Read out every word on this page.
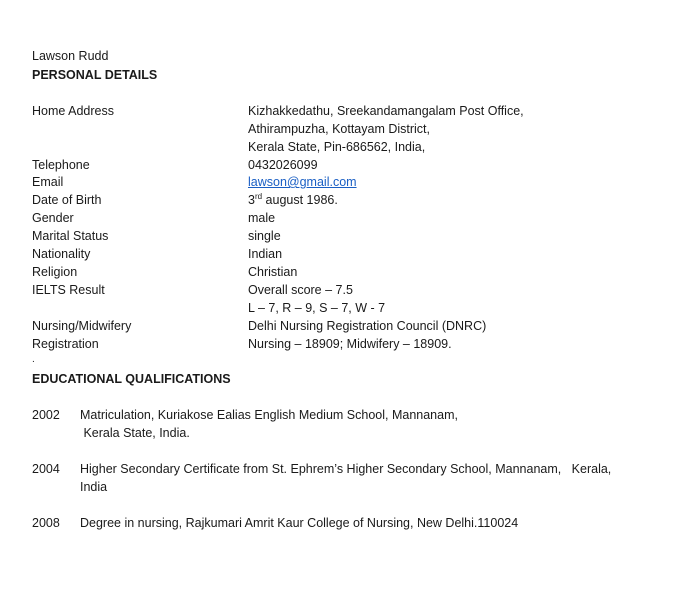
Lawson Rudd
PERSONAL DETAILS
Home Address	Kizhakkedathu, Sreekandamangalam Post Office,
Athirampuzha, Kottayam District,
Kerala State, Pin-686562, India,
Telephone	0432026099
Email	lawson@gmail.com
Date of Birth	3rd august 1986.
Gender	male
Marital Status	single
Nationality	Indian
Religion	Christian
IELTS Result	Overall score – 7.5
L – 7, R – 9, S – 7, W - 7
Nursing/Midwifery	Delhi Nursing Registration Council (DNRC)
Registration	Nursing – 18909; Midwifery – 18909.
.
EDUCATIONAL QUALIFICATIONS
2002 Matriculation, Kuriakose Ealias English Medium School, Mannanam,
Kerala State, India.
2004 Higher Secondary Certificate from St. Ephrem’s Higher Secondary School, Mannanam,   Kerala,
India
2008 Degree in nursing, Rajkumari Amrit Kaur College of Nursing, New Delhi.110024
